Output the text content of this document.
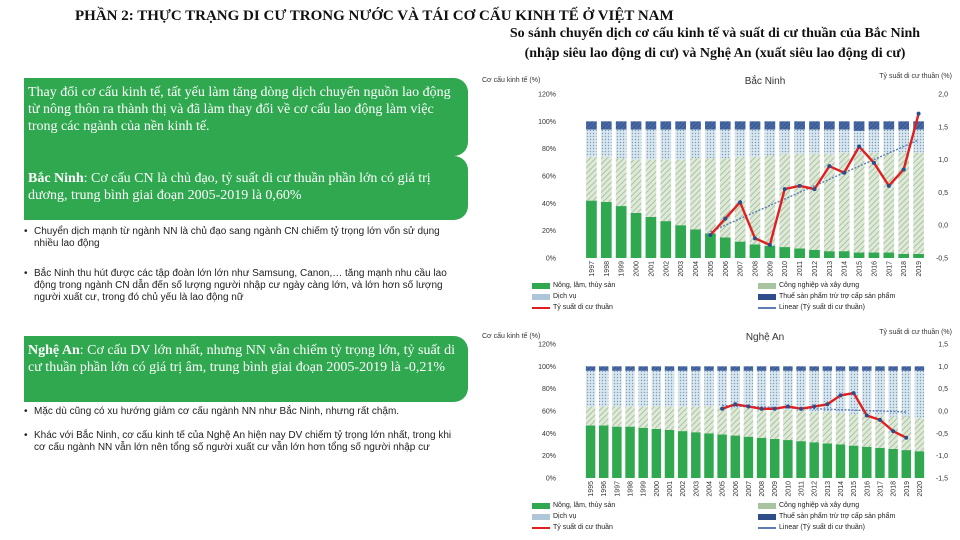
PHẦN 2: THỰC TRẠNG DI CƯ TRONG NƯỚC VÀ TÁI CƠ CẤU KINH TẾ Ở VIỆT NAM
So sánh chuyển dịch cơ cấu kinh tế và suất di cư thuần của Bắc Ninh
(nhập siêu lao động di cư) và Nghệ An (xuất siêu lao động di cư)
Thay đổi cơ cấu kinh tế, tất yếu làm tăng dòng dịch chuyển nguồn lao động từ nông thôn ra thành thị và đã làm thay đổi về cơ cấu lao động làm việc trong các ngành của nền kinh tế.
Bắc Ninh: Cơ cấu CN là chủ đạo, tỷ suất di cư thuần phần lớn có giá trị dương, trung bình giai đoạn 2005-2019 là 0,60%
• Chuyển dịch mạnh từ ngành NN là chủ đạo sang ngành CN chiếm tỷ trọng lớn vốn sử dụng nhiều lao động
• Bắc Ninh thu hút được các tập đoàn lớn lớn như Samsung, Canon,… tăng mạnh nhu cầu lao động trong ngành CN dẫn đến số lượng người nhập cư ngày càng lớn, và lớn hơn số lượng người xuất cư, trong đó chủ yếu là lao động nữ
Nghệ An: Cơ cấu DV lớn nhất, nhưng NN vẫn chiếm tỷ trọng lớn, tỷ suất di cư thuần phần lớn có giá trị âm, trung bình giai đoạn 2005-2019 là -0,21%
• Mặc dù cũng có xu hướng giảm cơ cấu ngành NN như Bắc Ninh, nhưng rất chậm.
• Khác với Bắc Ninh, cơ cấu kinh tế của Nghệ An hiện nay DV chiếm tỷ trọng lớn nhất, trong khi cơ cấu ngành NN vẫn lớn nên tổng số người xuất cư vẫn lớn hơn tổng số người nhập cư
Bắc Ninh
Cơ cấu kinh tế (%)
Tỷ suất di cư thuần (%)
0%
20%
40%
60%
80%
100%
120%
-0,5
0,0
0,5
1,0
1,5
2,0
1997 1998 1999 2000 2001 2002 2003 2004 2005 2006 2007 2008 2009 2010 2011 2012 2013 2014 2015 2016 2017 2018 2019
Nông, lâm, thủy sản	Công nghiệp và xây dựng
Dịch vụ	Thuế sản phẩm trừ trợ cấp sản phẩm
Tỷ suất di cư thuần	Linear (Tỷ suất di cư thuần)
Nghệ An
Cơ cấu kinh tế (%)
Tỷ suất di cư thuần (%)
0%
20%
40%
60%
80%
100%
120%
-1,5
-1,0
-0,5
0,0
0,5
1,0
1,5
1995 1996 1997 1998 1999 2000 2001 2002 2003 2004 2005 2006 2007 2008 2009 2010 2011 2012 2013 2014 2015 2016 2017 2018 2019 2020
Nông, lâm, thủy sản	Công nghiệp và xây dựng
Dịch vụ	Thuế sản phẩm trừ trợ cấp sản phẩm
Tỷ suất di cư thuần	Linear (Tỷ suất di cư thuần)
